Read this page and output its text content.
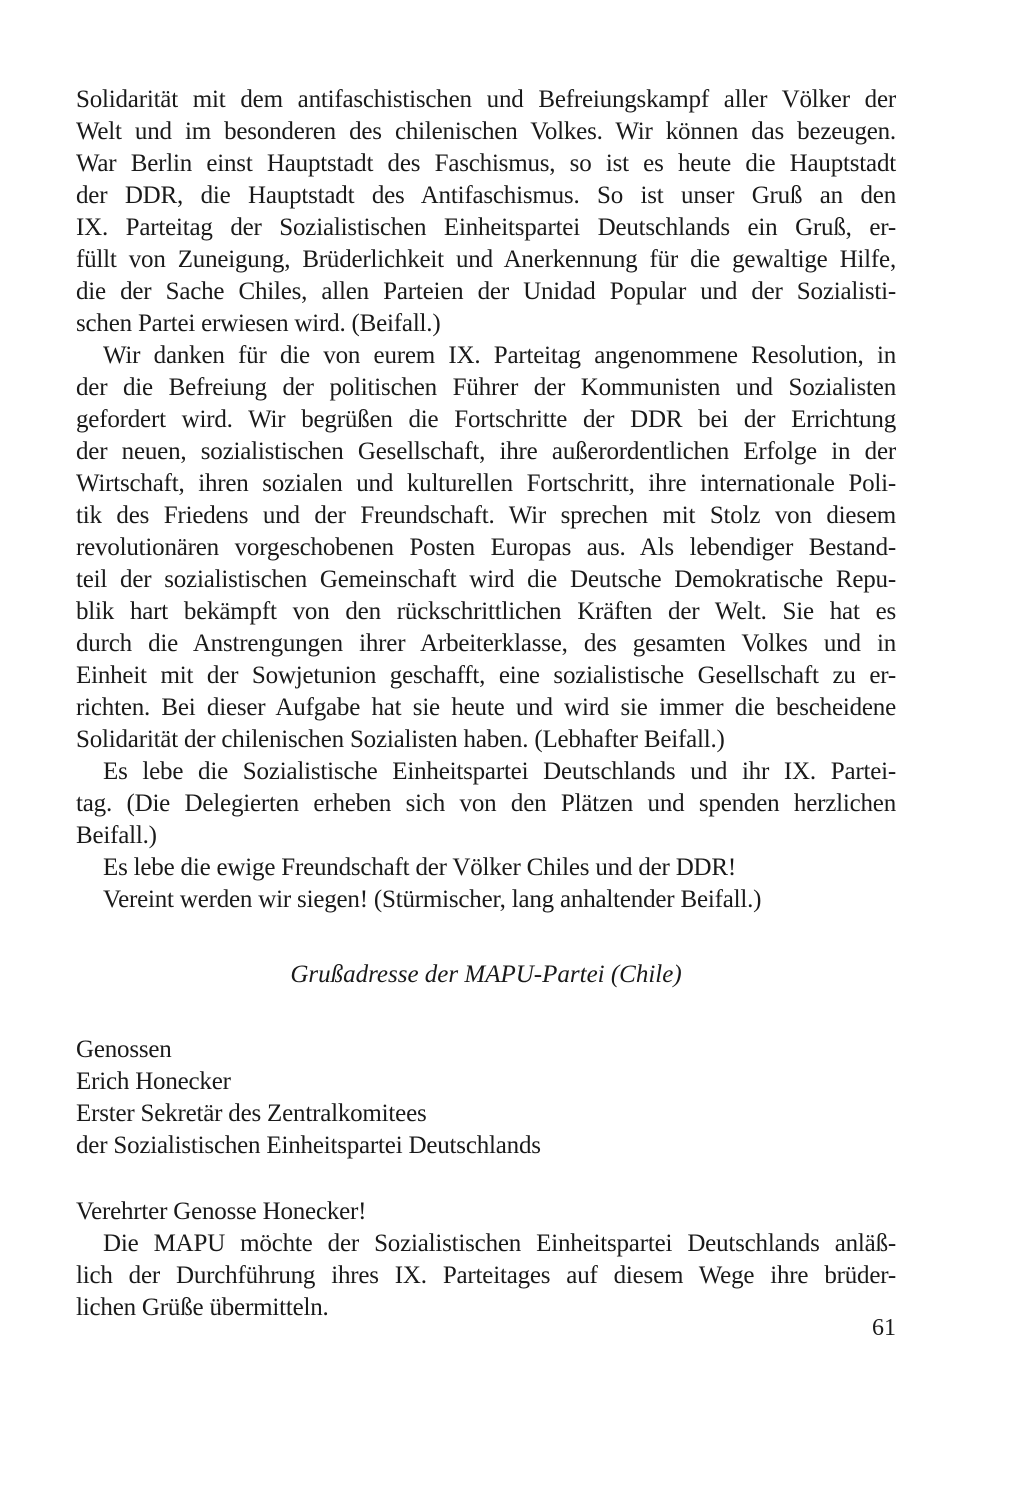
Solidarität mit dem antifaschistischen und Befreiungskampf aller Völker der
Welt und im besonderen des chilenischen Volkes. Wir können das bezeugen.
War Berlin einst Hauptstadt des Faschismus, so ist es heute die Hauptstadt
der DDR, die Hauptstadt des Antifaschismus. So ist unser Gruß an den
IX. Parteitag der Sozialistischen Einheitspartei Deutschlands ein Gruß, er-
füllt von Zuneigung, Brüderlichkeit und Anerkennung für die gewaltige Hilfe,
die der Sache Chiles, allen Parteien der Unidad Popular und der Sozialisti-
schen Partei erwiesen wird. (Beifall.)
Wir danken für die von eurem IX. Parteitag angenommene Resolution, in
der die Befreiung der politischen Führer der Kommunisten und Sozialisten
gefordert wird. Wir begrüßen die Fortschritte der DDR bei der Errichtung
der neuen, sozialistischen Gesellschaft, ihre außerordentlichen Erfolge in der
Wirtschaft, ihren sozialen und kulturellen Fortschritt, ihre internationale Poli-
tik des Friedens und der Freundschaft. Wir sprechen mit Stolz von diesem
revolutionären vorgeschobenen Posten Europas aus. Als lebendiger Bestand-
teil der sozialistischen Gemeinschaft wird die Deutsche Demokratische Repu-
blik hart bekämpft von den rückschrittlichen Kräften der Welt. Sie hat es
durch die Anstrengungen ihrer Arbeiterklasse, des gesamten Volkes und in
Einheit mit der Sowjetunion geschafft, eine sozialistische Gesellschaft zu er-
richten. Bei dieser Aufgabe hat sie heute und wird sie immer die bescheidene
Solidarität der chilenischen Sozialisten haben. (Lebhafter Beifall.)
Es lebe die Sozialistische Einheitspartei Deutschlands und ihr IX. Partei-
tag. (Die Delegierten erheben sich von den Plätzen und spenden herzlichen
Beifall.)
Es lebe die ewige Freundschaft der Völker Chiles und der DDR!
Vereint werden wir siegen! (Stürmischer, lang anhaltender Beifall.)
Grußadresse der MAPU-Partei (Chile)
Genossen
Erich Honecker
Erster Sekretär des Zentralkomitees
der Sozialistischen Einheitspartei Deutschlands
Verehrter Genosse Honecker!
Die MAPU möchte der Sozialistischen Einheitspartei Deutschlands anläß-
lich der Durchführung ihres IX. Parteitages auf diesem Wege ihre brüder-
lichen Grüße übermitteln.
61
